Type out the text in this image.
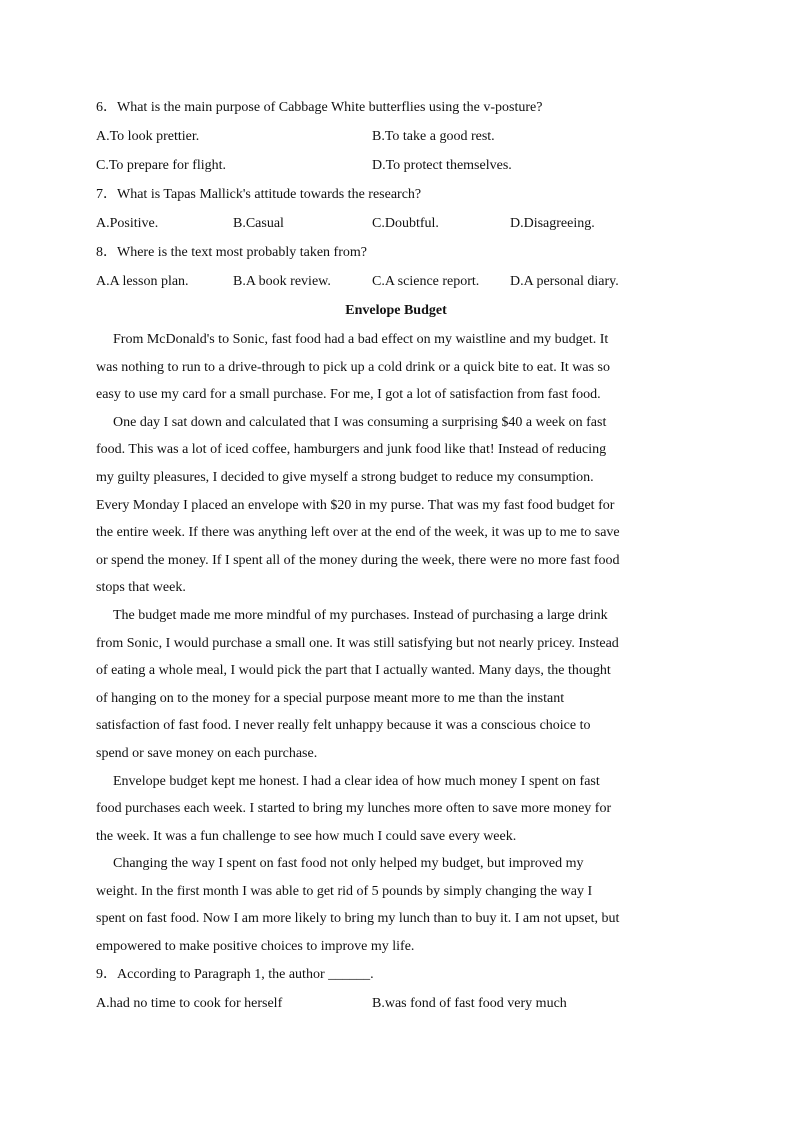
6．What is the main purpose of Cabbage White butterflies using the v-posture?
A.To look prettier.	B.To take a good rest.
C.To prepare for flight.	D.To protect themselves.
7．What is Tapas Mallick's attitude towards the research?
A.Positive.	B.Casual	C.Doubtful.	D.Disagreeing.
8．Where is the text most probably taken from?
A.A lesson plan.	B.A book review.	C.A science report. D.A personal diary.
Envelope Budget

From McDonald's to Sonic, fast food had a bad effect on my waistline and my budget. It
was nothing to run to a drive-through to pick up a cold drink or a quick bite to eat. It was so
easy to use my card for a small purchase. For me, I got a lot of satisfaction from fast food.

One day I sat down and calculated that I was consuming a surprising $40 a week on fast
food. This was a lot of iced coffee, hamburgers and junk food like that! Instead of reducing
my guilty pleasures, I decided to give myself a strong budget to reduce my consumption.
Every Monday I placed an envelope with $20 in my purse. That was my fast food budget for
the entire week. If there was anything left over at the end of the week, it was up to me to save
or spend the money. If I spent all of the money during the week, there were no more fast food
stops that week.

The budget made me more mindful of my purchases. Instead of purchasing a large drink
from Sonic, I would purchase a small one. It was still satisfying but not nearly pricey. Instead
of eating a whole meal, I would pick the part that I actually wanted. Many days, the thought
of hanging on to the money for a special purpose meant more to me than the instant
satisfaction of fast food. I never really felt unhappy because it was a conscious choice to
spend or save money on each purchase.

Envelope budget kept me honest. I had a clear idea of how much money I spent on fast
food purchases each week. I started to bring my lunches more often to save more money for
the week. It was a fun challenge to see how much I could save every week.

Changing the way I spent on fast food not only helped my budget, but improved my
weight. In the first month I was able to get rid of 5 pounds by simply changing the way I
spent on fast food. Now I am more likely to bring my lunch than to buy it. I am not upset, but
empowered to make positive choices to improve my life.

9．According to Paragraph 1, the author ______.
A.had no time to cook for herself	B.was fond of fast food very much
